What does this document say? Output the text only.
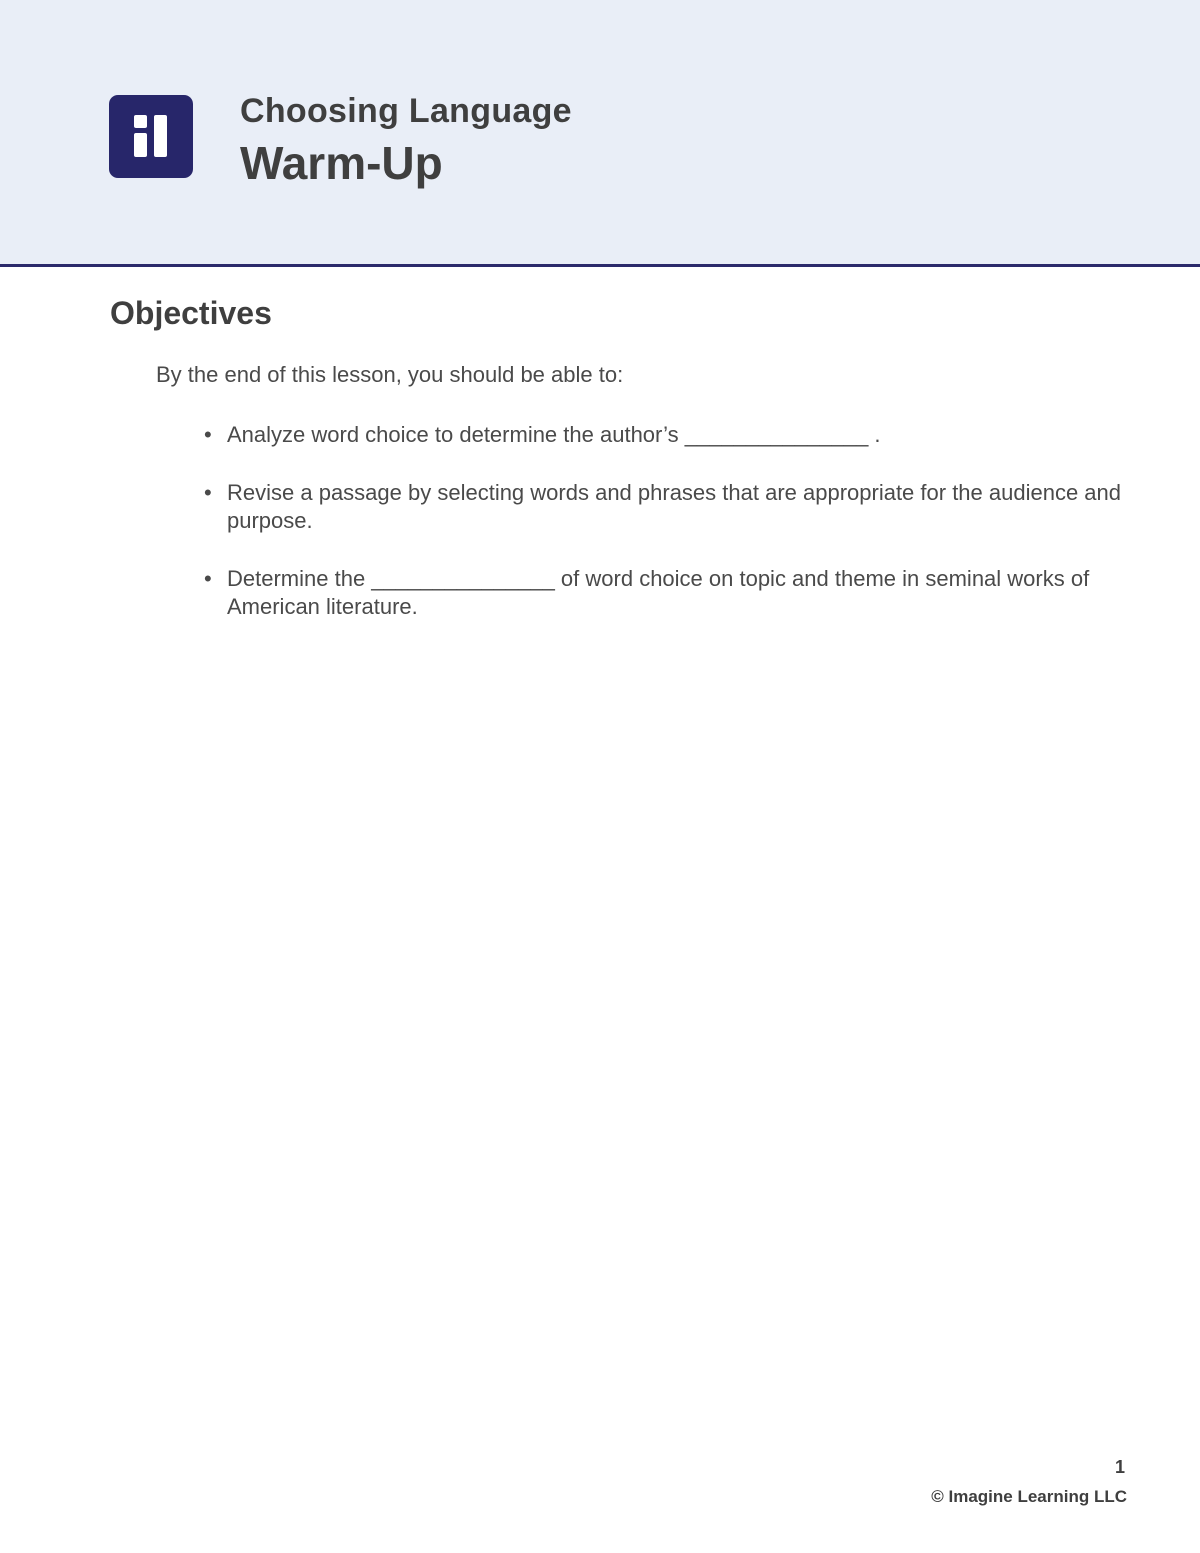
Choosing Language
Warm-Up
Objectives
By the end of this lesson, you should be able to:
• Analyze word choice to determine the author’s _______________ .
• Revise a passage by selecting words and phrases that are appropriate for the audience and purpose.
• Determine the _______________ of word choice on topic and theme in seminal works of American literature.
1
© Imagine Learning LLC
